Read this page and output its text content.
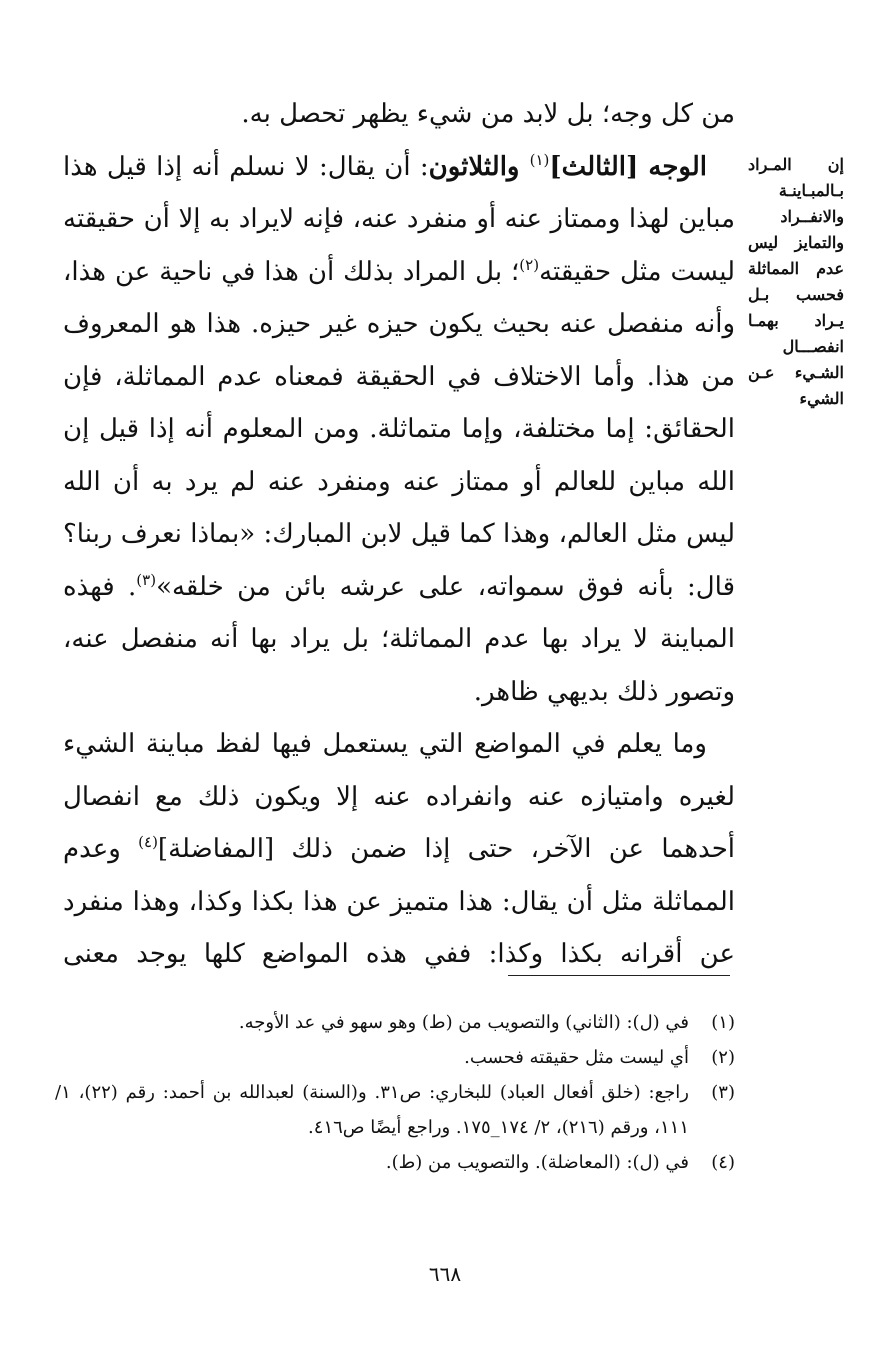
إن المـراد
بـالمبـاينـة
والانفــراد
والتمايز ليس
عدم المماثلة
فحسب بـل
يـراد بهمـا
انفصـــال
الشـيء عـن
الشيء

من كل وجه؛ بل لابد من شيء يظهر تحصل به.

الوجه [الثالث]$^{(١)}$ والثلاثون: أن يقال: لا نسلم أنه إذا قيل هذا مباين لهذا وممتاز عنه أو منفرد عنه، فإنه لايراد به إلا أن حقيقته ليست مثل حقيقته$^{(٢)}$؛ بل المراد بذلك أن هذا في ناحية عن هذا، وأنه منفصل عنه بحيث يكون حيزه غير حيزه. هذا هو المعروف من هذا. وأما الاختلاف في الحقيقة فمعناه عدم المماثلة، فإن الحقائق: إما مختلفة، وإما متماثلة. ومن المعلوم أنه إذا قيل إن الله مباين للعالم أو ممتاز عنه ومنفرد عنه لم يرد به أن الله ليس مثل العالم، وهذا كما قيل لابن المبارك: «بماذا نعرف ربنا؟ قال: بأنه فوق سمواته، على عرشه بائن من خلقه»$^{(٣)}$. فهذه المباينة لا يراد بها عدم المماثلة؛ بل يراد بها أنه منفصل عنه، وتصور ذلك بديهي ظاهر.

وما يعلم في المواضع التي يستعمل فيها لفظ مباينة الشيء لغيره وامتيازه عنه وانفراده عنه إلا ويكون ذلك مع انفصال أحدهما عن الآخر، حتى إذا ضمن ذلك [المفاضلة]$^{(٤)}$ وعدم المماثلة مثل أن يقال: هذا متميز عن هذا بكذا وكذا، وهذا منفرد عن أقرانه بكذا وكذا: ففي هذه المواضع كلها يوجد معنى

(١)
في (ل): (الثاني) والتصويب من (ط) وهو سهو في عد الأوجه.
(٢)
أي ليست مثل حقيقته فحسب.
(٣)
راجع: (خلق أفعال العباد) للبخاري: ص٣١. و(السنة) لعبدالله بن أحمد: رقم (٢٢)، ١/ ١١١، ورقم (٢١٦)، ٢/ ١٧٤_١٧٥. وراجع أيضًا ص٤١٦.
(٤)
في (ل): (المعاضلة). والتصويب من (ط).
٦٦٨
